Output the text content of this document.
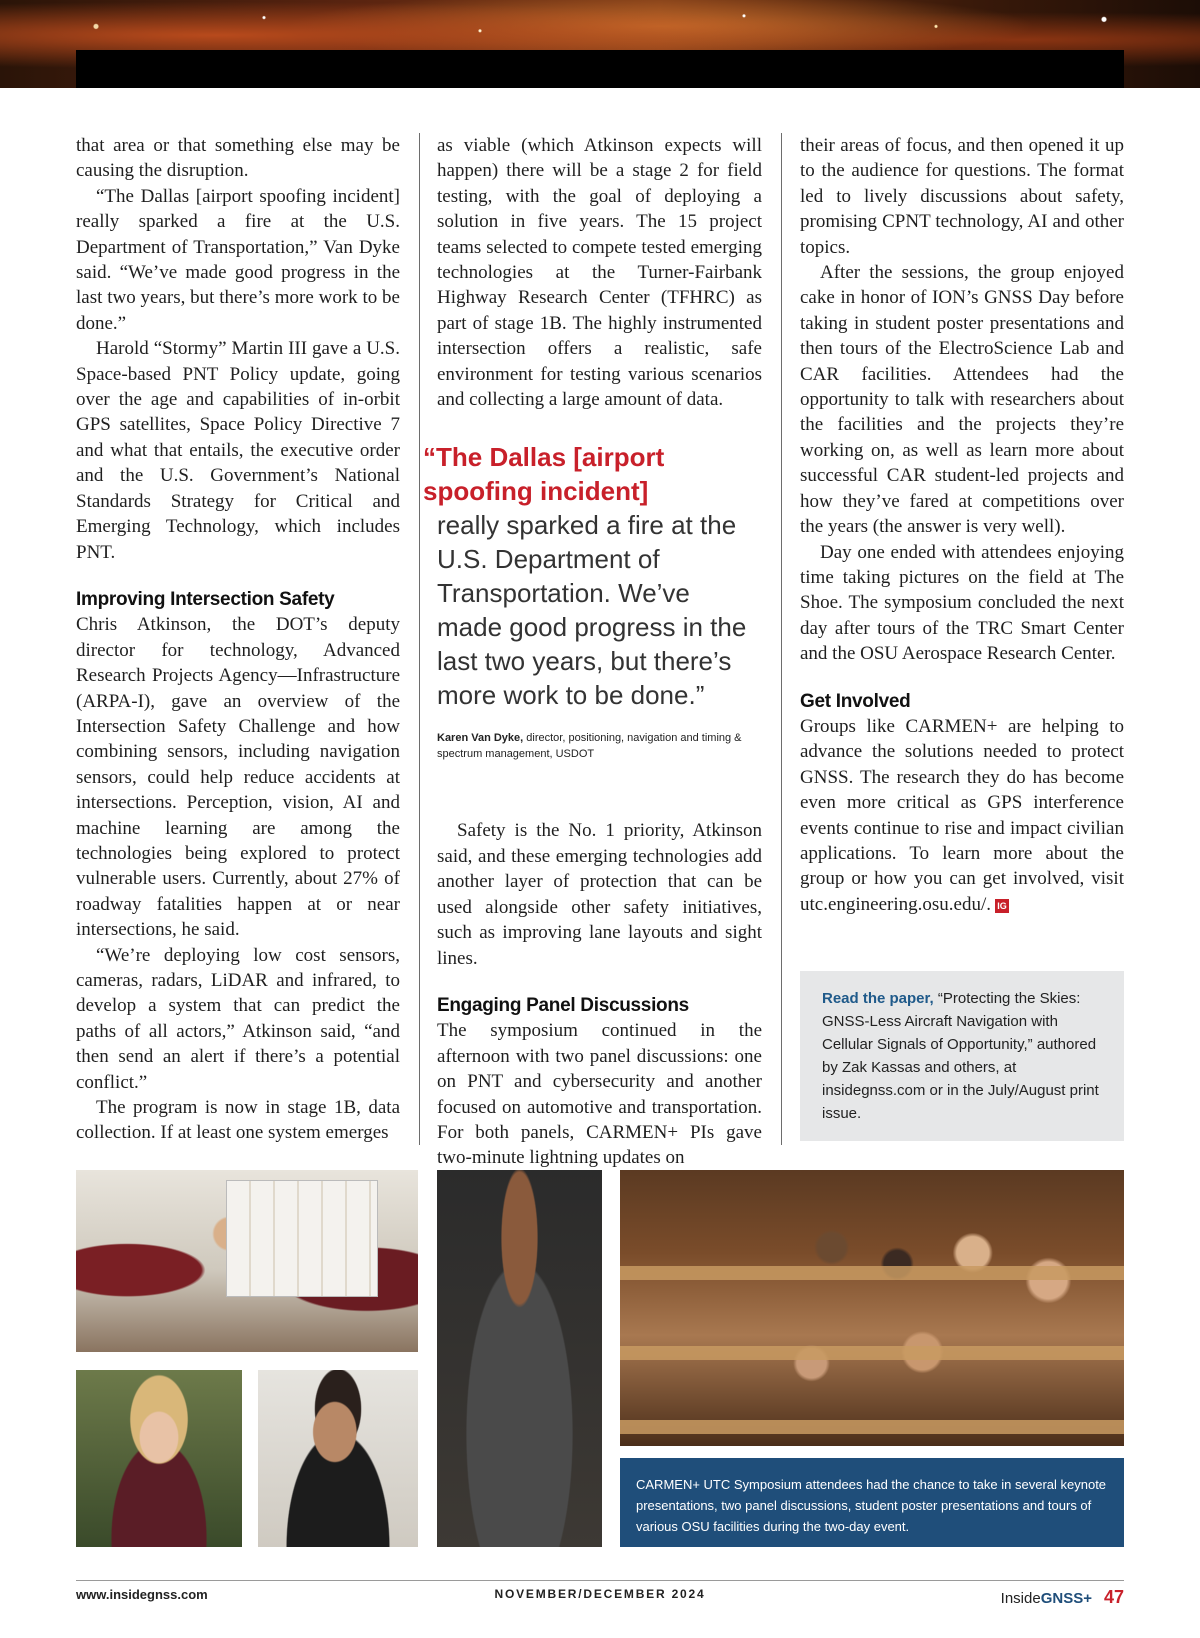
that area or that something else may be causing the disruption.

“The Dallas [airport spoofing incident] really sparked a fire at the U.S. Department of Transportation,” Van Dyke said. “We’ve made good progress in the last two years, but there’s more work to be done.”

Harold “Stormy” Martin III gave a U.S. Space-based PNT Policy update, going over the age and capabilities of in-orbit GPS satellites, Space Policy Directive 7 and what that entails, the executive order and the U.S. Government’s National Standards Strategy for Critical and Emerging Technology, which includes PNT.

Improving Intersection Safety

Chris Atkinson, the DOT’s deputy director for technology, Advanced Research Projects Agency—Infrastructure (ARPA-I), gave an overview of the Intersection Safety Challenge and how combining sensors, including navigation sensors, could help reduce accidents at intersections. Perception, vision, AI and machine learning are among the technologies being explored to protect vulnerable users. Currently, about 27% of roadway fatalities happen at or near intersections, he said.

“We’re deploying low cost sensors, cameras, radars, LiDAR and infrared, to develop a system that can predict the paths of all actors,” Atkinson said, “and then send an alert if there’s a potential conflict.”

The program is now in stage 1B, data collection. If at least one system emerges

as viable (which Atkinson expects will happen) there will be a stage 2 for field testing, with the goal of deploying a solution in five years. The 15 project teams selected to compete tested emerging technologies at the Turner-Fairbank Highway Research Center (TFHRC) as part of stage 1B. The highly instrumented intersection offers a realistic, safe environment for testing various scenarios and collecting a large amount of data.

“The Dallas [airport spoofing incident]
really sparked a fire at the U.S. Department of Transportation. We’ve made good progress in the last two years, but there’s more work to be done.”
Karen Van Dyke, director, positioning, navigation and timing & spectrum management, USDOT

Safety is the No. 1 priority, Atkinson said, and these emerging technologies add another layer of protection that can be used alongside other safety initiatives, such as improving lane layouts and sight lines.

Engaging Panel Discussions

The symposium continued in the afternoon with two panel discussions: one on PNT and cybersecurity and another focused on automotive and transportation. For both panels, CARMEN+ PIs gave two-minute lightning updates on

their areas of focus, and then opened it up to the audience for questions. The format led to lively discussions about safety, promising CPNT technology, AI and other topics.

After the sessions, the group enjoyed cake in honor of ION’s GNSS Day before taking in student poster presentations and then tours of the ElectroScience Lab and CAR facilities. Attendees had the opportunity to talk with researchers about the facilities and the projects they’re working on, as well as learn more about successful CAR student-led projects and how they’ve fared at competitions over the years (the answer is very well).

Day one ended with attendees enjoying time taking pictures on the field at The Shoe. The symposium concluded the next day after tours of the TRC Smart Center and the OSU Aerospace Research Center.

Get Involved

Groups like CARMEN+ are helping to advance the solutions needed to protect GNSS. The research they do has become even more critical as GPS interference events continue to rise and impact civilian applications. To learn more about the group or how you can get involved, visit utc.engineering.osu.edu/. IG

Read the paper, “Protecting the Skies: GNSS-Less Aircraft Navigation with Cellular Signals of Opportunity,” authored by Zak Kassas and others, at insidegnss.com or in the July/August print issue.
CARMEN+ UTC Symposium attendees had the chance to take in several keynote presentations, two panel discussions, student poster presentations and tours of various OSU facilities during the two-day event.
www.insidegnss.com	NOVEMBER/DECEMBER 2024	InsideGNSS+ 47
